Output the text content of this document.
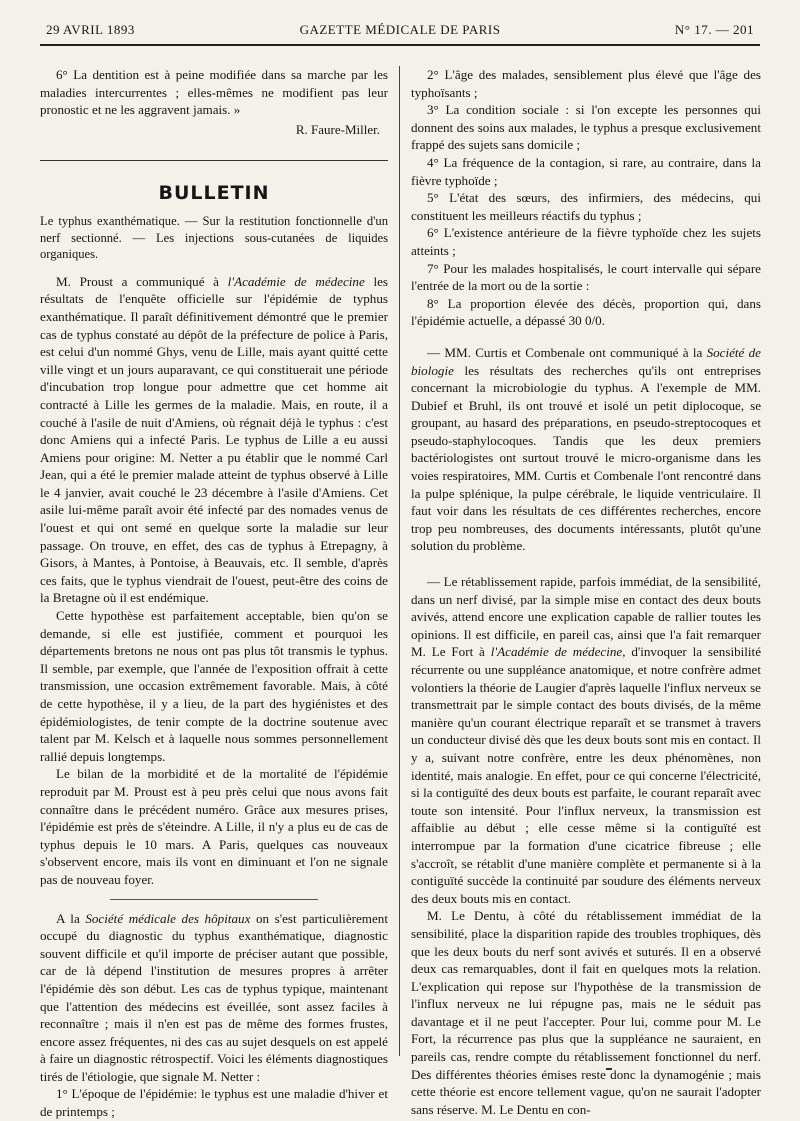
29 AVRIL 1893	GAZETTE MÉDICALE DE PARIS	N° 17. — 201

6° La dentition est à peine modifiée dans sa marche par les maladies intercurrentes ; elles-mêmes ne modifient pas leur pronostic et ne les aggravent jamais. »

R. Faure-Miller.

BULLETIN

Le typhus exanthématique. — Sur la restitution fonctionnelle d'un nerf sectionné. — Les injections sous-cutanées de liquides organiques.

M. Proust a communiqué à l'Académie de médecine les résultats de l'enquête officielle sur l'épidémie de typhus exanthématique. Il paraît définitivement démontré que le premier cas de typhus constaté au dépôt de la préfecture de police à Paris, est celui d'un nommé Ghys, venu de Lille, mais ayant quitté cette ville vingt et un jours auparavant, ce qui constituerait une période d'incubation trop longue pour admettre que cet homme ait contracté à Lille les germes de la maladie. Mais, en route, il a couché à l'asile de nuit d'Amiens, où régnait déjà le typhus : c'est donc Amiens qui a infecté Paris. Le typhus de Lille a eu aussi Amiens pour origine: M. Netter a pu établir que le nommé Carl Jean, qui a été le premier malade atteint de typhus observé à Lille le 4 janvier, avait couché le 23 décembre à l'asile d'Amiens. Cet asile lui-même paraît avoir été infecté par des nomades venus de l'ouest et qui ont semé en quelque sorte la maladie sur leur passage. On trouve, en effet, des cas de typhus à Etrepagny, à Gisors, à Mantes, à Pontoise, à Beauvais, etc. Il semble, d'après ces faits, que le typhus viendrait de l'ouest, peut-être des coins de la Bretagne où il est endémique.

Cette hypothèse est parfaitement acceptable, bien qu'on se demande, si elle est justifiée, comment et pourquoi les départements bretons ne nous ont pas plus tôt transmis le typhus. Il semble, par exemple, que l'année de l'exposition offrait à cette transmission, une occasion extrêmement favorable. Mais, à côté de cette hypothèse, il y a lieu, de la part des hygiénistes et des épidémiologistes, de tenir compte de la doctrine soutenue avec talent par M. Kelsch et à laquelle nous sommes personnellement rallié depuis longtemps.

Le bilan de la morbidité et de la mortalité de l'épidémie reproduit par M. Proust est à peu près celui que nous avons fait connaître dans le précédent numéro. Grâce aux mesures prises, l'épidémie est près de s'éteindre. A Lille, il n'y a plus eu de cas de typhus depuis le 10 mars. A Paris, quelques cas nouveaux s'observent encore, mais ils vont en diminuant et l'on ne signale pas de nouveau foyer.

A la Société médicale des hôpitaux on s'est particulièrement occupé du diagnostic du typhus exanthématique, diagnostic souvent difficile et qu'il importe de préciser autant que possible, car de là dépend l'institution de mesures propres à arrêter l'épidémie dès son début. Les cas de typhus typique, maintenant que l'attention des médecins est éveillée, sont assez faciles à reconnaître ; mais il n'en est pas de même des formes frustes, encore assez fréquentes, ni des cas au sujet desquels on est appelé à faire un diagnostic rétrospectif. Voici les éléments diagnostiques tirés de l'étiologie, que signale M. Netter :

1° L'époque de l'épidémie: le typhus est une maladie d'hiver et de printemps ;

2° L'âge des malades, sensiblement plus élevé que l'âge des typhoïsants ;

3° La condition sociale : si l'on excepte les personnes qui donnent des soins aux malades, le typhus a presque exclusivement frappé des sujets sans domicile ;

4° La fréquence de la contagion, si rare, au contraire, dans la fièvre typhoïde ;

5° L'état des sœurs, des infirmiers, des médecins, qui constituent les meilleurs réactifs du typhus ;

6° L'existence antérieure de la fièvre typhoïde chez les sujets atteints ;

7° Pour les malades hospitalisés, le court intervalle qui sépare l'entrée de la mort ou de la sortie :

8° La proportion élevée des décès, proportion qui, dans l'épidémie actuelle, a dépassé 30 0/0.

— MM. Curtis et Combenale ont communiqué à la Société de biologie les résultats des recherches qu'ils ont entreprises concernant la microbiologie du typhus. A l'exemple de MM. Dubief et Bruhl, ils ont trouvé et isolé un petit diplocoque, se groupant, au hasard des préparations, en pseudo-streptocoques et pseudo-staphylocoques. Tandis que les deux premiers bactériologistes ont surtout trouvé le micro-organisme dans les voies respiratoires, MM. Curtis et Combenale l'ont rencontré dans la pulpe splénique, la pulpe cérébrale, le liquide ventriculaire. Il faut voir dans les résultats de ces différentes recherches, encore trop peu nombreuses, des documents intéressants, plutôt qu'une solution du problème.

— Le rétablissement rapide, parfois immédiat, de la sensibilité, dans un nerf divisé, par la simple mise en contact des deux bouts avivés, attend encore une explication capable de rallier toutes les opinions. Il est difficile, en pareil cas, ainsi que l'a fait remarquer M. Le Fort à l'Académie de médecine, d'invoquer la sensibilité récurrente ou une suppléance anatomique, et notre confrère admet volontiers la théorie de Laugier d'après laquelle l'influx nerveux se transmettrait par le simple contact des bouts divisés, de la même manière qu'un courant électrique reparaît et se transmet à travers un conducteur divisé dès que les deux bouts sont mis en contact. Il y a, suivant notre confrère, entre les deux phénomènes, non identité, mais analogie. En effet, pour ce qui concerne l'électricité, si la contiguïté des deux bouts est parfaite, le courant reparaît avec toute son intensité. Pour l'influx nerveux, la transmission est affaiblie au début ; elle cesse même si la contiguïté est interrompue par la formation d'une cicatrice fibreuse ; elle s'accroît, se rétablit d'une manière complète et permanente si à la contiguïté succède la continuité par soudure des éléments nerveux des deux bouts mis en contact.

M. Le Dentu, à côté du rétablissement immédiat de la sensibilité, place la disparition rapide des troubles trophiques, dès que les deux bouts du nerf sont avivés et suturés. Il en a observé deux cas remarquables, dont il fait en quelques mots la relation. L'explication qui repose sur l'hypothèse de la transmission de l'influx nerveux ne lui répugne pas, mais ne le séduit pas davantage et il ne peut l'accepter. Pour lui, comme pour M. Le Fort, la récurrence pas plus que la suppléance ne sauraient, en pareils cas, rendre compte du rétablissement fonctionnel du nerf. Des différentes théories émises reste donc la dynamogénie ; mais cette théorie est encore tellement vague, qu'on ne saurait l'adopter sans réserve. M. Le Dentu en con-
